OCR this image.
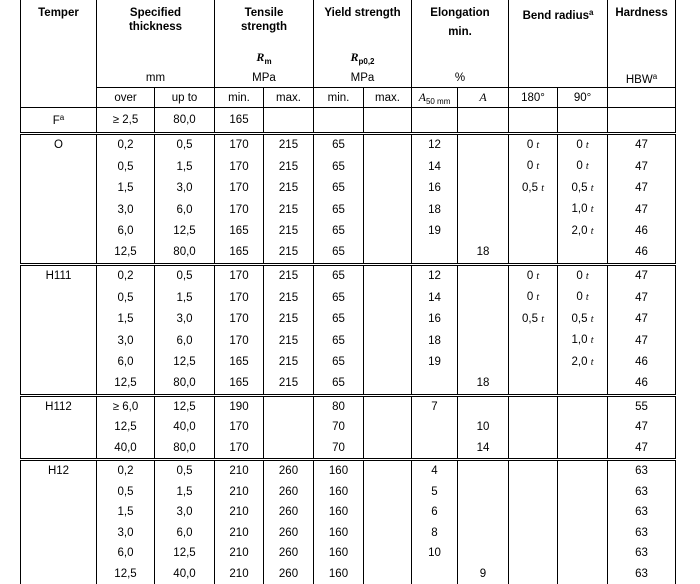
Temper	Specified thickness
mm		Tensile strength
$R_m$
MPa		Yield strength
$R_{p0,2}$
MPa		Elongation
min.
%		Bend radius$^a$		Hardness
HBW$^a$

	over	up to	min.	max.	min.	max.	$A_{50 mm}$	A	180°	90°	
$F^a$	≥ 2,5	80,0	165								
O	0,2	0,5	170	215	65		12		0 t	0 t	47
	0,5	1,5	170	215	65		14		0 t	0 t	47
	1,5	3,0	170	215	65		16		0,5 t	0,5 t	47
	3,0	6,0	170	215	65		18			1,0 t	47
	6,0	12,5	165	215	65		19			2,0 t	46
	12,5	80,0	165	215	65			18			46
H111	0,2	0,5	170	215	65		12		0 t	0 t	47
	0,5	1,5	170	215	65		14		0 t	0 t	47
	1,5	3,0	170	215	65		16		0,5 t	0,5 t	47
	3,0	6,0	170	215	65		18			1,0 t	47
	6,0	12,5	165	215	65		19			2,0 t	46
	12,5	80,0	165	215	65			18			46
H112	≥ 6,0	12,5	190		80		7				55
	12,5	40,0	170		70			10			47
	40,0	80,0	170		70			14			47
H12	0,2	0,5	210	260	160		4				63
	0,5	1,5	210	260	160		5				63
	1,5	3,0	210	260	160		6				63
	3,0	6,0	210	260	160		8				63
	6,0	12,5	210	260	160		10				63
	12,5	40,0	210	260	160			9			63
